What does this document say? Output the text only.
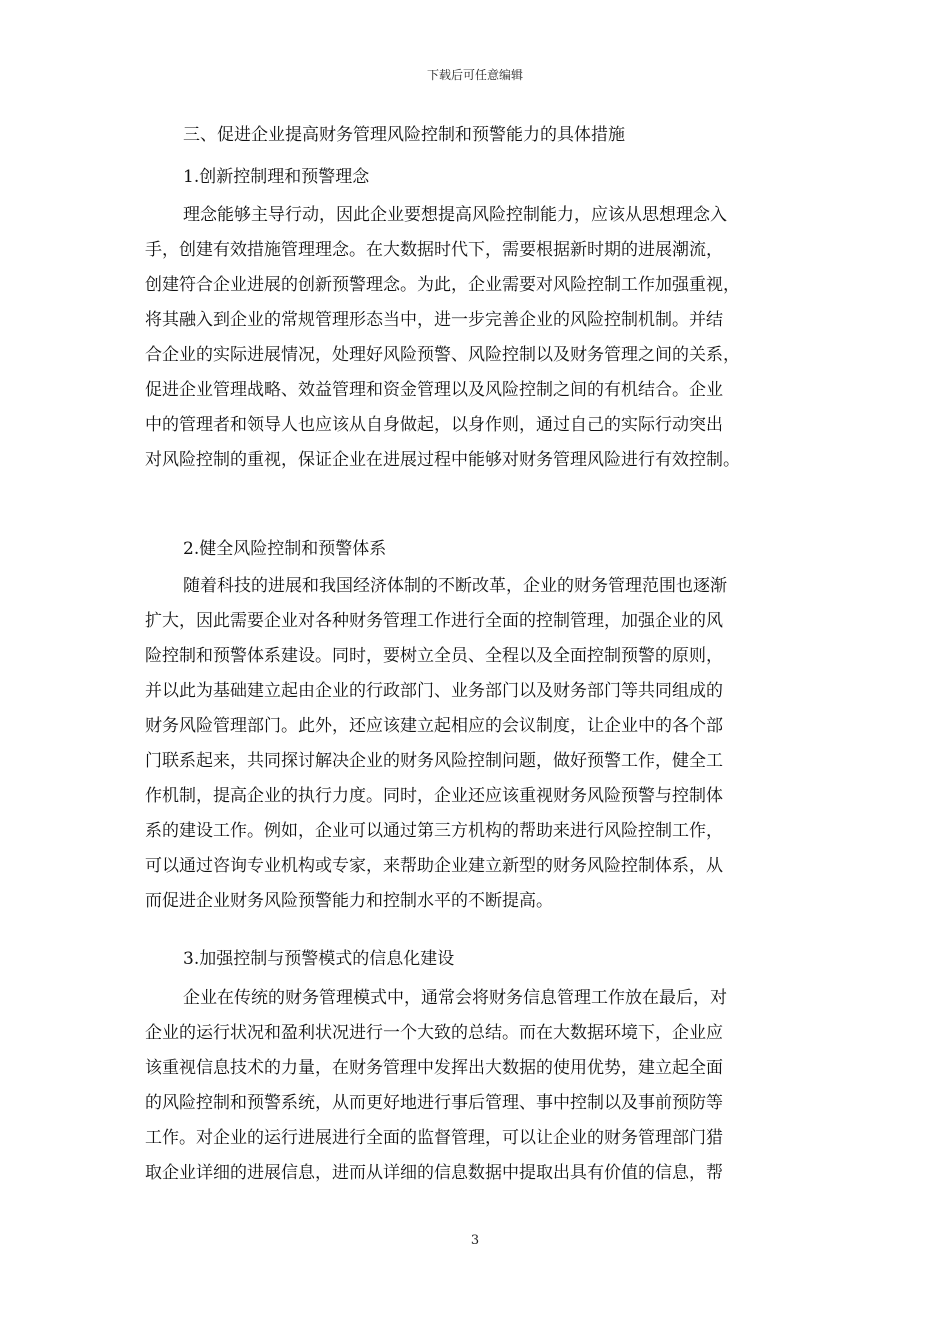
下载后可任意编辑
三、促进企业提高财务管理风险控制和预警能力的具体措施
1.创新控制理和预警理念
理念能够主导行动，因此企业要想提高风险控制能力，应该从思想理念入
手，创建有效措施管理理念。在大数据时代下，需要根据新时期的进展潮流，
创建符合企业进展的创新预警理念。为此，企业需要对风险控制工作加强重视，
将其融入到企业的常规管理形态当中，进一步完善企业的风险控制机制。并结
合企业的实际进展情况，处理好风险预警、风险控制以及财务管理之间的关系，
促进企业管理战略、效益管理和资金管理以及风险控制之间的有机结合。企业
中的管理者和领导人也应该从自身做起，以身作则，通过自己的实际行动突出
对风险控制的重视，保证企业在进展过程中能够对财务管理风险进行有效控制。
2.健全风险控制和预警体系
随着科技的进展和我国经济体制的不断改革，企业的财务管理范围也逐渐
扩大，因此需要企业对各种财务管理工作进行全面的控制管理，加强企业的风
险控制和预警体系建设。同时，要树立全员、全程以及全面控制预警的原则，
并以此为基础建立起由企业的行政部门、业务部门以及财务部门等共同组成的
财务风险管理部门。此外，还应该建立起相应的会议制度，让企业中的各个部
门联系起来，共同探讨解决企业的财务风险控制问题，做好预警工作，健全工
作机制，提高企业的执行力度。同时，企业还应该重视财务风险预警与控制体
系的建设工作。例如，企业可以通过第三方机构的帮助来进行风险控制工作，
可以通过咨询专业机构或专家，来帮助企业建立新型的财务风险控制体系，从
而促进企业财务风险预警能力和控制水平的不断提高。
3.加强控制与预警模式的信息化建设
企业在传统的财务管理模式中，通常会将财务信息管理工作放在最后，对
企业的运行状况和盈利状况进行一个大致的总结。而在大数据环境下，企业应
该重视信息技术的力量，在财务管理中发挥出大数据的使用优势，建立起全面
的风险控制和预警系统，从而更好地进行事后管理、事中控制以及事前预防等
工作。对企业的运行进展进行全面的监督管理，可以让企业的财务管理部门猎
取企业详细的进展信息，进而从详细的信息数据中提取出具有价值的信息，帮
3
